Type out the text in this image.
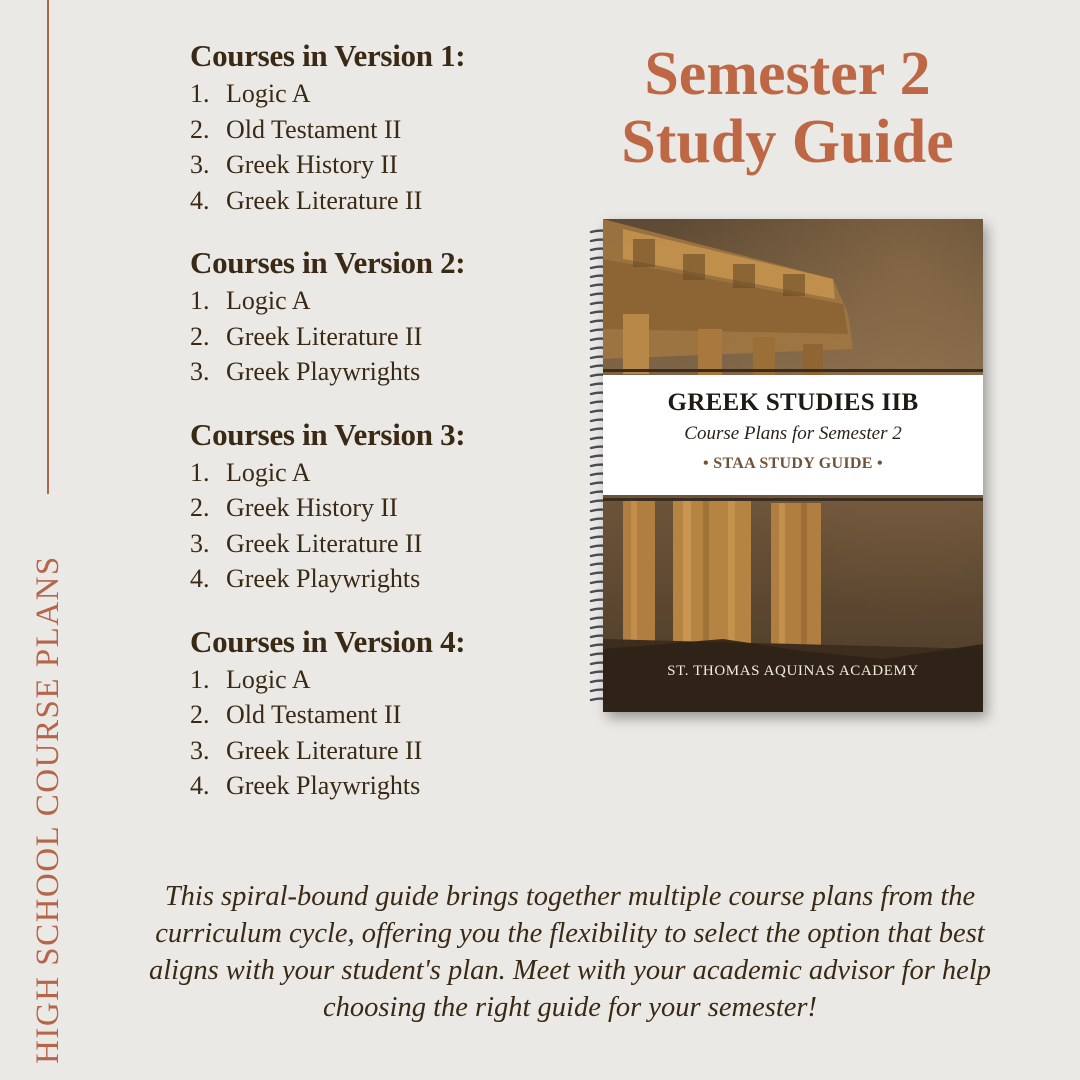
HIGH SCHOOL COURSE PLANS
Courses in Version 1:
1. Logic A
2. Old Testament II
3. Greek History II
4. Greek Literature II
Courses in Version 2:
1. Logic A
2. Greek Literature II
3. Greek Playwrights
Courses in Version 3:
1. Logic A
2. Greek History II
3. Greek Literature II
4. Greek Playwrights
Courses in Version 4:
1. Logic A
2. Old Testament II
3. Greek Literature II
4. Greek Playwrights
Semester 2
Study Guide
GREEK STUDIES IIB
Course Plans for Semester 2
• STAA STUDY GUIDE •
ST. THOMAS AQUINAS ACADEMY
This spiral-bound guide brings together multiple course plans from the curriculum cycle, offering you the flexibility to select the option that best aligns with your student's plan. Meet with your academic advisor for help choosing the right guide for your semester!
